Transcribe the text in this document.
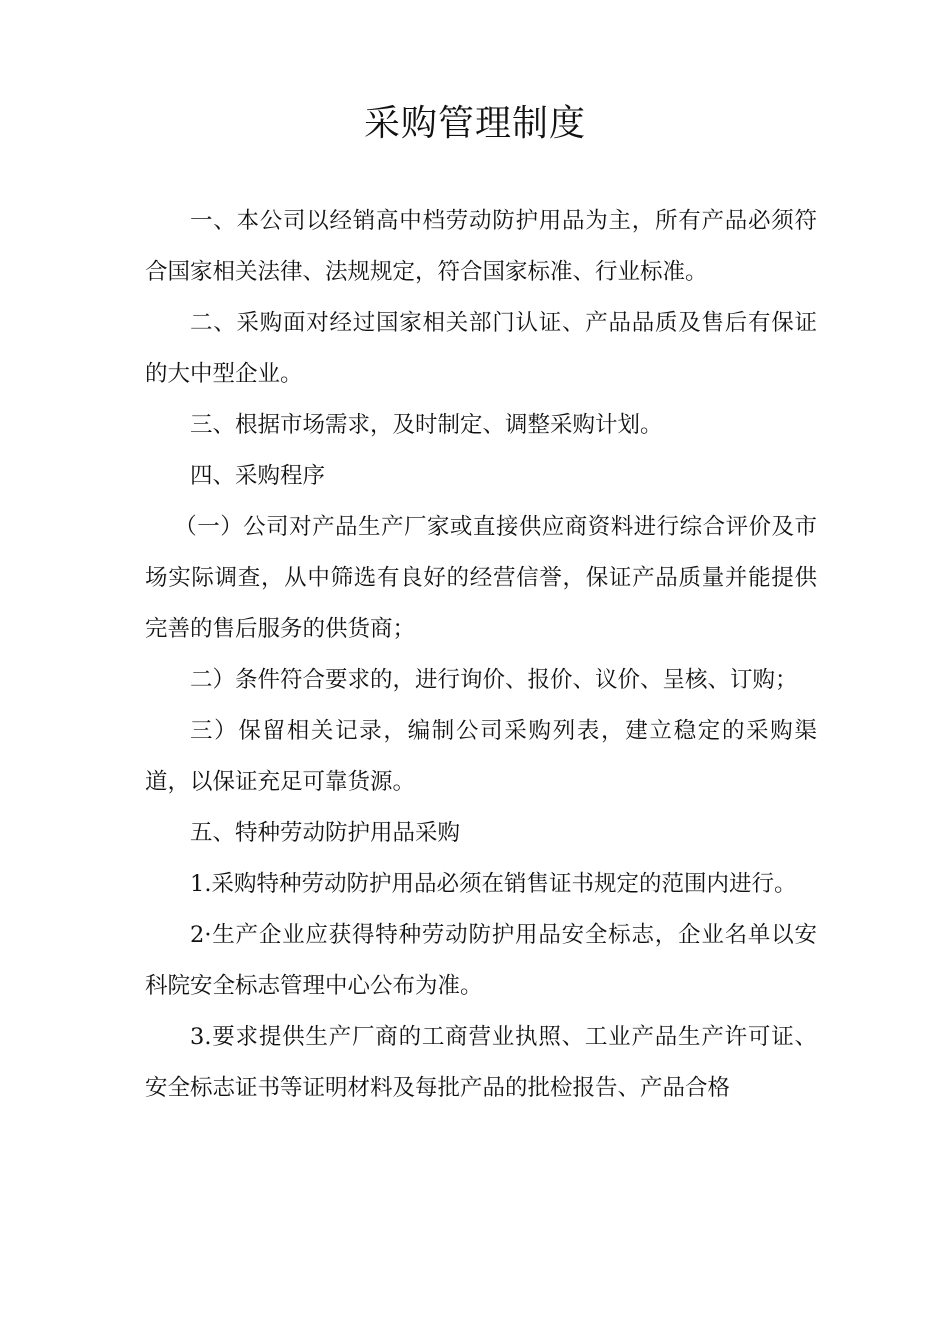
采购管理制度

一、本公司以经销高中档劳动防护用品为主，所有产品必须符合国家相关法律、法规规定，符合国家标准、行业标准。

二、采购面对经过国家相关部门认证、产品品质及售后有保证的大中型企业。

三、根据市场需求，及时制定、调整采购计划。

四、采购程序

（一）公司对产品生产厂家或直接供应商资料进行综合评价及市场实际调查，从中筛选有良好的经营信誉，保证产品质量并能提供完善的售后服务的供货商；

二）条件符合要求的，进行询价、报价、议价、呈核、订购；

三）保留相关记录，编制公司采购列表，建立稳定的采购渠道，以保证充足可靠货源。

五、特种劳动防护用品采购

1.采购特种劳动防护用品必须在销售证书规定的范围内进行。

2·生产企业应获得特种劳动防护用品安全标志，企业名单以安科院安全标志管理中心公布为准。

3.要求提供生产厂商的工商营业执照、工业产品生产许可证、安全标志证书等证明材料及每批产品的批检报告、产品合格
